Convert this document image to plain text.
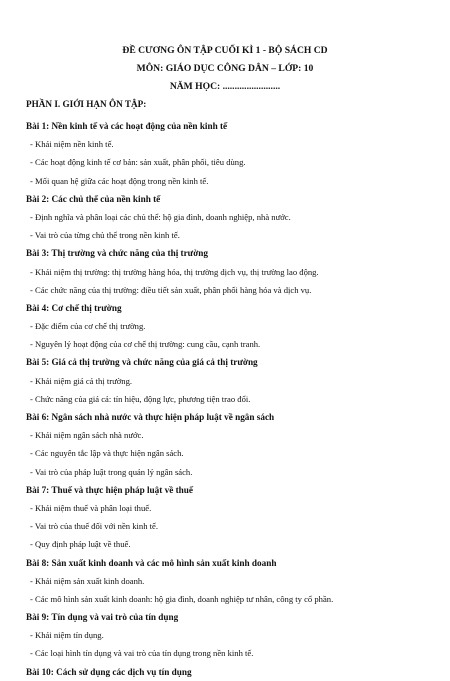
ĐỀ CƯƠNG ÔN TẬP CUỐI KÌ 1 - BỘ SÁCH CD
MÔN: GIÁO DỤC CÔNG DÂN – LỚP: 10
NĂM HỌC: ........................
PHẦN I. GIỚI HẠN ÔN TẬP:
Bài 1: Nền kinh tế và các hoạt động của nền kinh tế
- Khái niệm nền kinh tế.
- Các hoạt động kinh tế cơ bản: sản xuất, phân phối, tiêu dùng.
- Mối quan hệ giữa các hoạt động trong nền kinh tế.
Bài 2: Các chủ thể của nền kinh tế
- Định nghĩa và phân loại các chủ thể: hộ gia đình, doanh nghiệp, nhà nước.
- Vai trò của từng chủ thể trong nền kinh tế.
Bài 3: Thị trường và chức năng của thị trường
- Khái niệm thị trường: thị trường hàng hóa, thị trường dịch vụ, thị trường lao động.
- Các chức năng của thị trường: điều tiết sản xuất, phân phối hàng hóa và dịch vụ.
Bài 4: Cơ chế thị trường
- Đặc điểm của cơ chế thị trường.
- Nguyên lý hoạt động của cơ chế thị trường: cung cầu, cạnh tranh.
Bài 5: Giá cả thị trường và chức năng của giá cả thị trường
- Khái niệm giá cả thị trường.
- Chức năng của giá cả: tín hiệu, động lực, phương tiện trao đổi.
Bài 6: Ngân sách nhà nước và thực hiện pháp luật về ngân sách
- Khái niệm ngân sách nhà nước.
- Các nguyên tắc lập và thực hiện ngân sách.
- Vai trò của pháp luật trong quản lý ngân sách.
Bài 7: Thuế và thực hiện pháp luật về thuế
- Khái niệm thuế và phân loại thuế.
- Vai trò của thuế đối với nền kinh tế.
- Quy định pháp luật về thuế.
Bài 8: Sản xuất kinh doanh và các mô hình sản xuất kinh doanh
- Khái niệm sản xuất kinh doanh.
- Các mô hình sản xuất kinh doanh: hộ gia đình, doanh nghiệp tư nhân, công ty cổ phần.
Bài 9: Tín dụng và vai trò của tín dụng
- Khái niệm tín dụng.
- Các loại hình tín dụng và vai trò của tín dụng trong nền kinh tế.
Bài 10: Cách sử dụng các dịch vụ tín dụng
